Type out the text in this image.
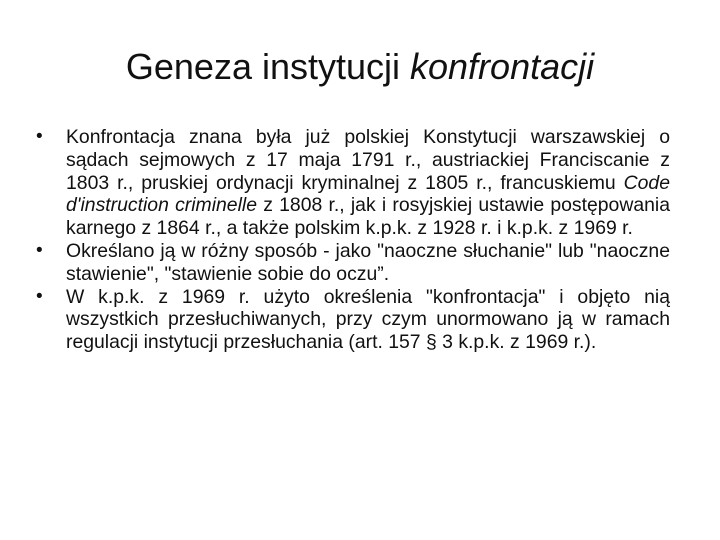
Geneza instytucji konfrontacji
•	Konfrontacja znana była już polskiej Konstytucji warszawskiej o sądach sejmowych z 17 maja 1791 r., austriackiej Franciscanie z 1803 r., pruskiej ordynacji kryminalnej z 1805 r., francuskiemu Code d'instruction criminelle z 1808 r., jak i rosyjskiej ustawie postępowania karnego z 1864 r., a także polskim k.p.k. z 1928 r. i k.p.k. z 1969 r.
•	Określano ją w różny sposób - jako "naoczne słuchanie" lub "naoczne stawienie", "stawienie sobie do oczu”.
•	W k.p.k. z 1969 r. użyto określenia "konfrontacja" i objęto nią wszystkich przesłuchiwanych, przy czym unormowano ją w ramach regulacji instytucji przesłuchania (art. 157 § 3 k.p.k. z 1969 r.).
